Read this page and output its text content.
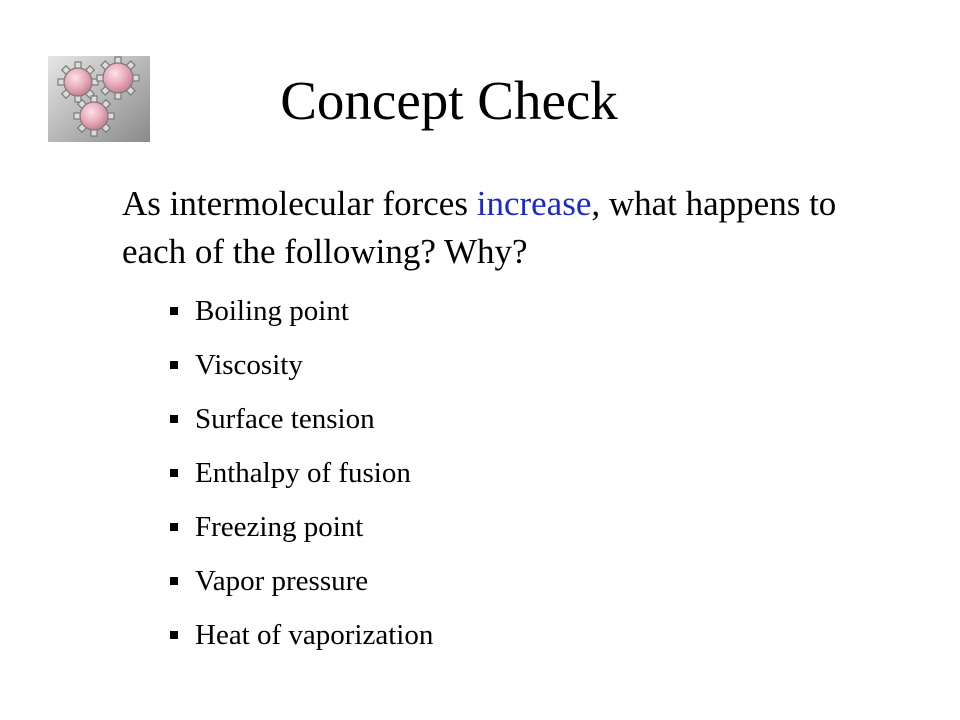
Concept Check

As intermolecular forces increase, what happens to each of the following? Why?

Boiling point
Viscosity
Surface tension
Enthalpy of fusion
Freezing point
Vapor pressure
Heat of vaporization
